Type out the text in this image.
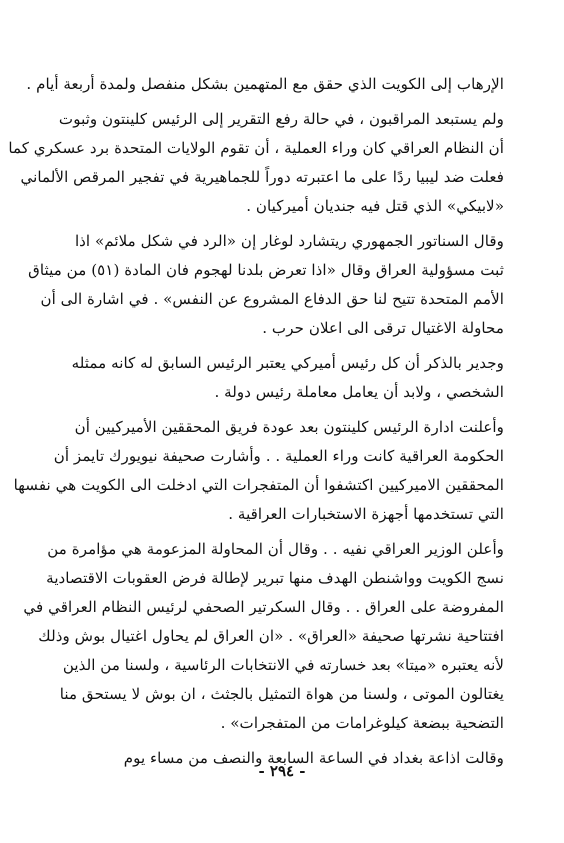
الإرهاب إلى الكويت الذي حقق مع المتهمين بشكل منفصل ولمدة أربعة أيام .
ولم يستبعد المراقبون ، في حالة رفع التقرير إلى الرئيس كلينتون وثبوت
أن النظام العراقي كان وراء العملية ، أن تقوم الولايات المتحدة برد عسكري كما
فعلت ضد ليبيا ردًا على ما اعتبرته دوراً للجماهيرية في تفجير المرقص الألماني
«لابيكي» الذي قتل فيه جنديان أميركيان .
وقال السناتور الجمهوري ريتشارد لوغار إن «الرد في شكل ملائم» اذا
ثبت مسؤولية العراق وقال «اذا تعرض بلدنا لهجوم فان المادة (٥١) من ميثاق
الأمم المتحدة تتيح لنا حق الدفاع المشروع عن النفس» . في اشارة الى أن
محاولة الاغتيال ترقى الى اعلان حرب .
وجدير بالذكر أن كل رئيس أميركي يعتبر الرئيس السابق له كانه ممثله
الشخصي ، ولابد أن يعامل معاملة رئيس دولة .
وأعلنت ادارة الرئيس كلينتون بعد عودة فريق المحققين الأميركيين أن
الحكومة العراقية كانت وراء العملية . . وأشارت صحيفة نيويورك تايمز أن
المحققين الاميركيين اكتشفوا أن المتفجرات التي ادخلت الى الكويت هي نفسها
التي تستخدمها أجهزة الاستخبارات العراقية .
وأعلن الوزير العراقي نفيه . . وقال أن المحاولة المزعومة هي مؤامرة من
نسج الكويت وواشنطن الهدف منها تبرير لإطالة فرض العقوبات الاقتصادية
المفروضة على العراق . . وقال السكرتير الصحفي لرئيس النظام العراقي في
افتتاحية نشرتها صحيفة «العراق» . «ان العراق لم يحاول اغتيال بوش وذلك
لأنه يعتبره «ميتا» بعد خسارته في الانتخابات الرئاسية ، ولسنا من الذين
يغتالون الموتى ، ولسنا من هواة التمثيل بالجثث ، ان بوش لا يستحق منا
التضحية ببضعة كيلوغرامات من المتفجرات» .
وقالت اذاعة بغداد في الساعة السابعة والنصف من مساء يوم
- ٢٩٤ -
